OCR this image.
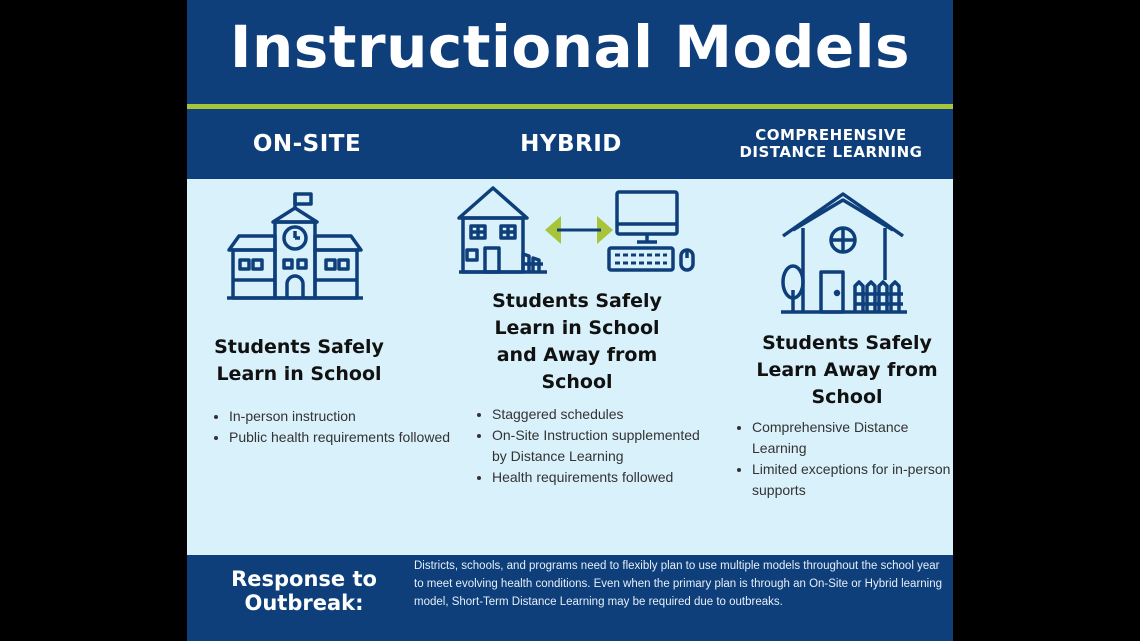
Instructional Models
ON-SITE	HYBRID	COMPREHENSIVE DISTANCE LEARNING
Students Safely Learn in School
Students Safely Learn in School and Away from School
Students Safely Learn Away from School
• In-person instruction
• Public health requirements followed
• Staggered schedules
• On-Site Instruction supplemented by Distance Learning
• Health requirements followed
• Comprehensive Distance Learning
• Limited exceptions for in-person supports
Response to Outbreak:
Districts, schools, and programs need to flexibly plan to use multiple models throughout the school year to meet evolving health conditions. Even when the primary plan is through an On-Site or Hybrid learning model, Short-Term Distance Learning may be required due to outbreaks.
